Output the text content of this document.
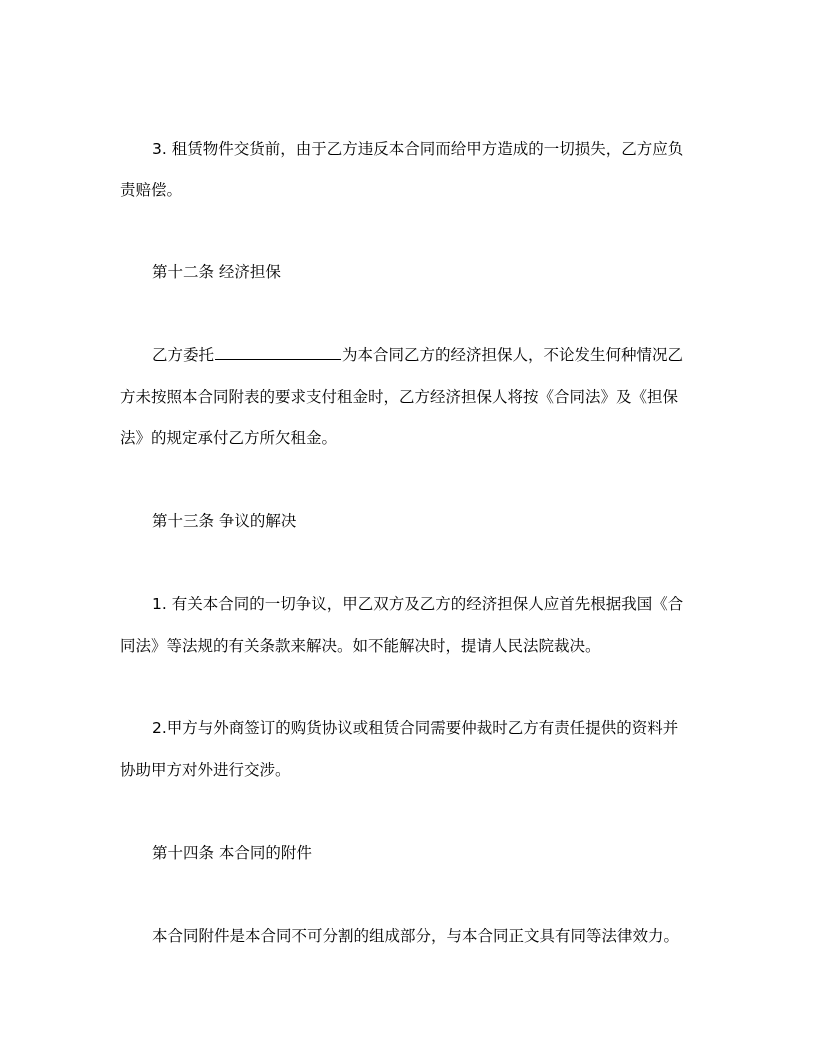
3. 租赁物件交货前，由于乙方违反本合同而给甲方造成的一切损失，乙方应负
责赔偿。
第十二条 经济担保
乙方委托	为本合同乙方的经济担保人，不论发生何种情况乙
方未按照本合同附表的要求支付租金时，乙方经济担保人将按《合同法》及《担保
法》的规定承付乙方所欠租金。
第十三条 争议的解决
1. 有关本合同的一切争议，甲乙双方及乙方的经济担保人应首先根据我国《合
同法》等法规的有关条款来解决。如不能解决时，提请人民法院裁决。
2.甲方与外商签订的购货协议或租赁合同需要仲裁时乙方有责任提供的资料并
协助甲方对外进行交涉。
第十四条 本合同的附件
本合同附件是本合同不可分割的组成部分，与本合同正文具有同等法律效力。
